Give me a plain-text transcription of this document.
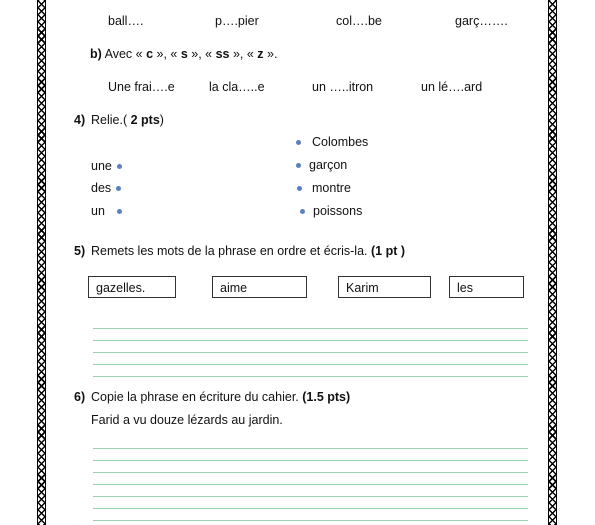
ball….	p….pier	col….be	garç…….
b) Avec « c », « s », « ss », « z ».
Une frai….e	la cla…..e	un …..itron	un lé….ard
4) Relie.( 2 pts)
Colombes
une	garçon
des	montre
un	poissons
5) Remets les mots de la phrase en ordre et écris-la. (1 pt )
gazelles.	aime	Karim	les
6) Copie la phrase en écriture du cahier. (1.5 pts)
Farid a vu douze lézards au jardin.
